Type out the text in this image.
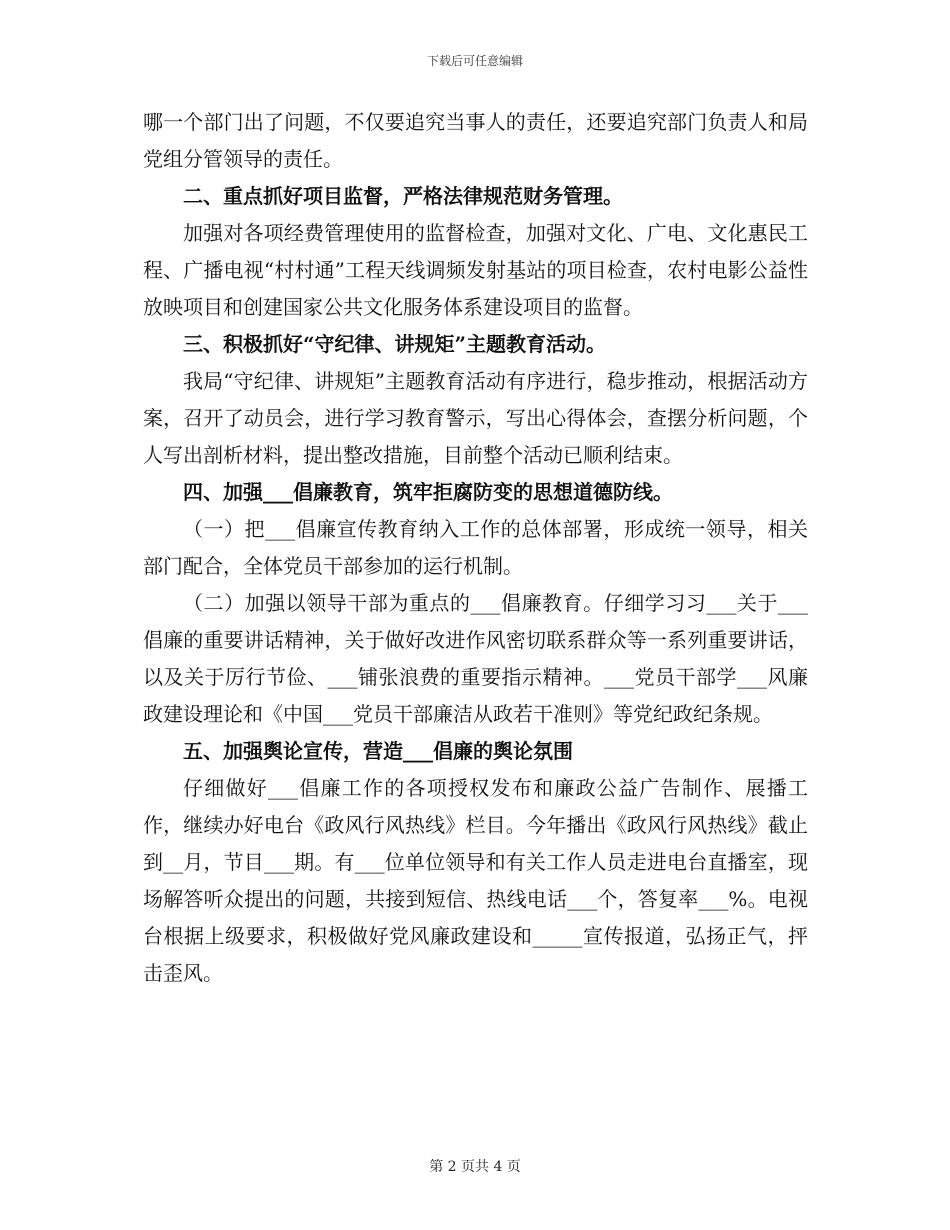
下载后可任意编辑

哪一个部门出了问题，不仅要追究当事人的责任，还要追究部门负责人和局党组分管领导的责任。

二、重点抓好项目监督，严格法律规范财务管理。

加强对各项经费管理使用的监督检查，加强对文化、广电、文化惠民工程、广播电视“村村通”工程天线调频发射基站的项目检查，农村电影公益性放映项目和创建国家公共文化服务体系建设项目的监督。

三、积极抓好“守纪律、讲规矩”主题教育活动。

我局“守纪律、讲规矩”主题教育活动有序进行，稳步推动，根据活动方案，召开了动员会，进行学习教育警示，写出心得体会，查摆分析问题，个人写出剖析材料，提出整改措施，目前整个活动已顺利结束。

四、加强___倡廉教育，筑牢拒腐防变的思想道德防线。

（一）把___倡廉宣传教育纳入工作的总体部署，形成统一领导，相关部门配合，全体党员干部参加的运行机制。

（二）加强以领导干部为重点的___倡廉教育。仔细学习习___关于___倡廉的重要讲话精神，关于做好改进作风密切联系群众等一系列重要讲话，以及关于厉行节俭、___铺张浪费的重要指示精神。___党员干部学___风廉政建设理论和《中国___党员干部廉洁从政若干准则》等党纪政纪条规。

五、加强舆论宣传，营造___倡廉的舆论氛围

仔细做好___倡廉工作的各项授权发布和廉政公益广告制作、展播工作，继续办好电台《政风行风热线》栏目。今年播出《政风行风热线》截止到__月，节目___期。有___位单位领导和有关工作人员走进电台直播室，现场解答听众提出的问题，共接到短信、热线电话___个，答复率___%。电视台根据上级要求，积极做好党风廉政建设和_____宣传报道，弘扬正气，抨击歪风。

第 2 页共 4 页
